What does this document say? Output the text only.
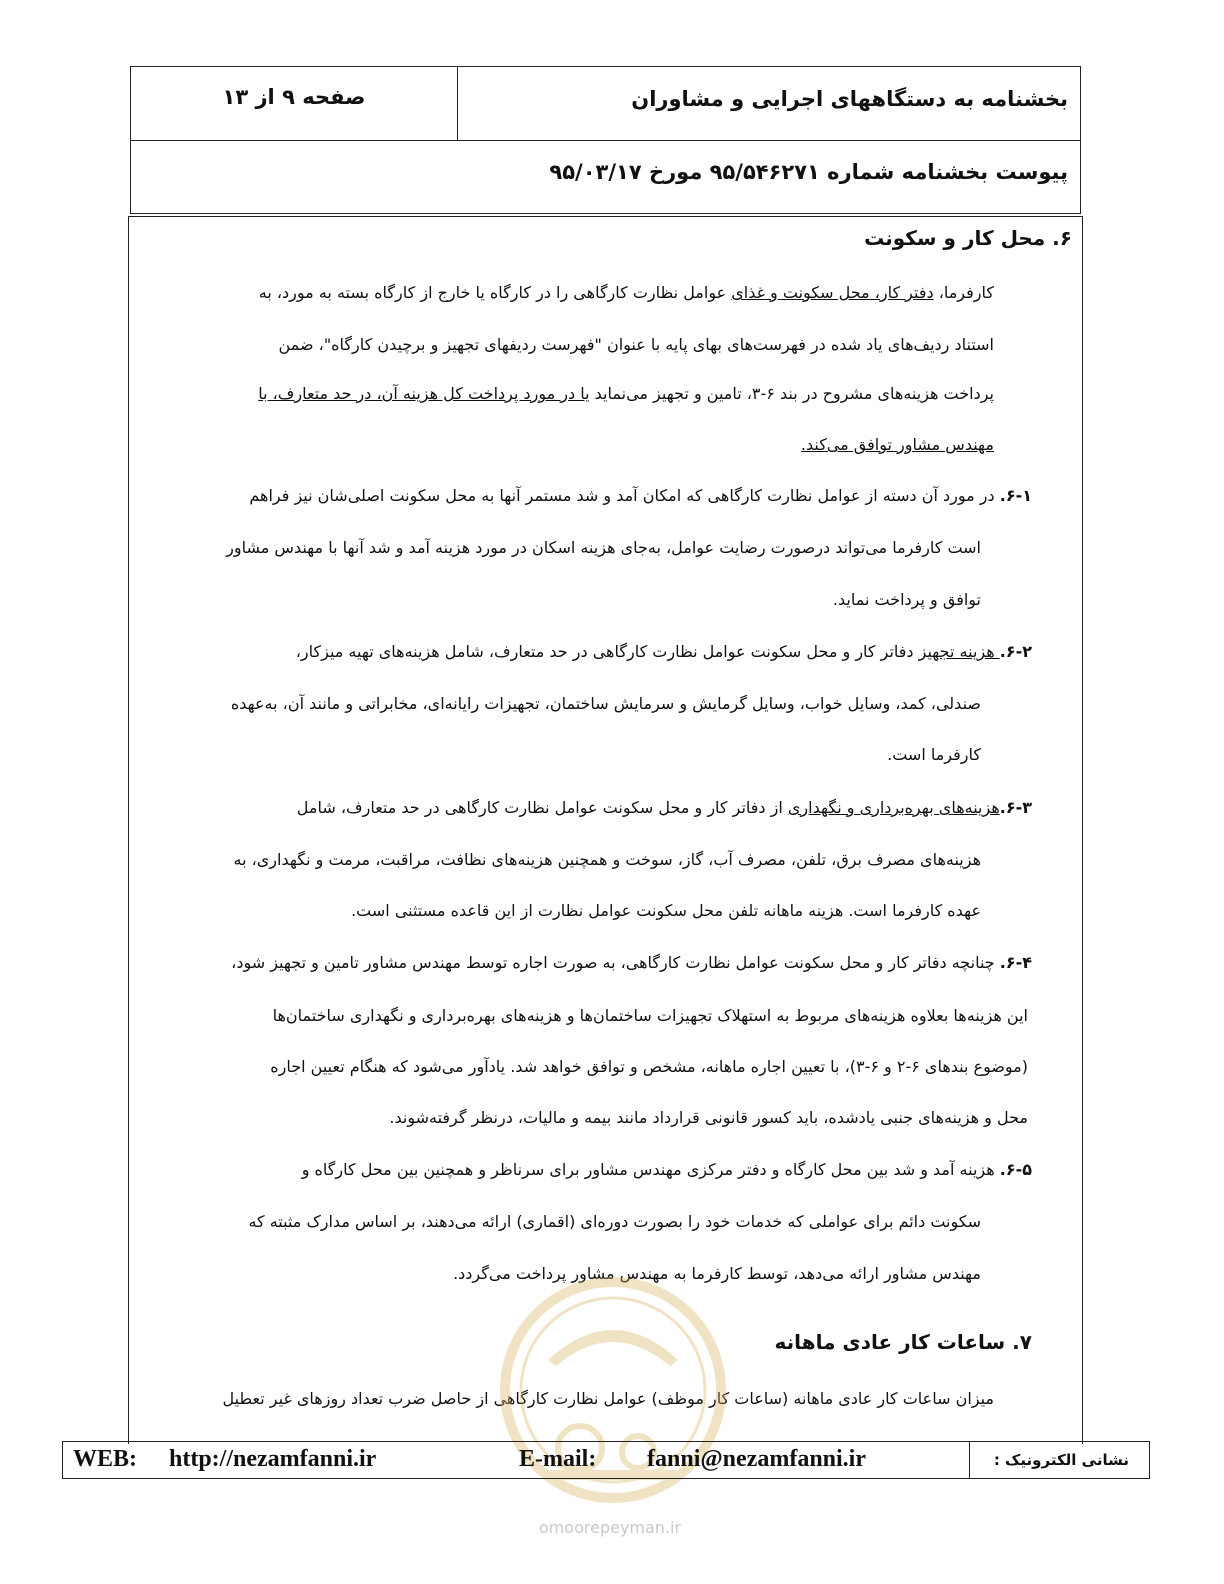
بخشنامه به دستگاههای اجرایی و مشاوران
صفحه ۹ از ۱۳
پیوست بخشنامه شماره ۹۵/۵۴۶۲۷۱ مورخ ۹۵/۰۳/۱۷
۶. محل کار و سکونت
کارفرما، دفتر کار، محل سکونت و غذای عوامل نظارت کارگاهی را در کارگاه یا خارج از کارگاه بسته به مورد، به
استناد ردیف‌های یاد شده در فهرست‌های بهای پایه با عنوان "فهرست ردیفهای تجهیز و برچیدن کارگاه"، ضمن
پرداخت هزینه‌های مشروح در بند ۶-۳، تامین و تجهیز می‌نماید یا در مورد پرداخت کل هزینه آن، در حد متعارف، با
مهندس مشاور توافق می‌کند.
۶-۱. در مورد آن دسته از عوامل نظارت کارگاهی که امکان آمد و شد مستمر آنها به محل سکونت اصلی‌شان نیز فراهم
است کارفرما می‌تواند درصورت رضایت عوامل، به‌جای هزینه اسکان در مورد هزینه آمد و شد آنها با مهندس مشاور
توافق و پرداخت نماید.
۶-۲. هزینه تجهیز دفاتر کار و محل سکونت عوامل نظارت کارگاهی در حد متعارف، شامل هزینه‌های تهیه میزکار،
صندلی، کمد، وسایل خواب، وسایل گرمایش و سرمایش ساختمان، تجهیزات رایانه‌ای، مخابراتی و مانند آن، به‌عهده
کارفرما است.
۶-۳.هزینه‌های بهره‌برداری و نگهداری از دفاتر کار و محل سکونت عوامل نظارت کارگاهی در حد متعارف، شامل
هزینه‌های مصرف برق، تلفن، مصرف آب، گاز، سوخت و همچنین هزینه‌های نظافت، مراقبت، مرمت و نگهداری، به
عهده کارفرما است. هزینه ماهانه تلفن محل سکونت عوامل نظارت از این قاعده مستثنی است.
۶-۴. چنانچه دفاتر کار و محل سکونت عوامل نظارت کارگاهی، به صورت اجاره توسط مهندس مشاور تامین و تجهیز شود،
این هزینه‌ها بعلاوه هزینه‌های مربوط به استهلاک تجهیزات ساختمان‌ها و هزینه‌های بهره‌برداری و نگهداری ساختمان‌ها
(موضوع بندهای ۶-۲ و ۶-۳)، با تعیین اجاره ماهانه، مشخص و توافق خواهد شد. یادآور می‌شود که هنگام تعیین اجاره
محل و هزینه‌های جنبی یادشده، باید کسور قانونی قرارداد مانند بیمه و مالیات، درنظر گرفته‌شوند.
۶-۵. هزینه آمد و شد بین محل کارگاه و دفتر مرکزی مهندس مشاور برای سرناظر و همچنین بین محل کارگاه و
سکونت دائم برای عواملی که خدمات خود را بصورت دوره‌ای (اقماری) ارائه می‌دهند، بر اساس مدارک مثبته که
مهندس مشاور ارائه می‌دهد، توسط کارفرما به مهندس مشاور پرداخت می‌گردد.
۷. ساعات کار عادی ماهانه
میزان ساعات کار عادی ماهانه (ساعات کار موظف) عوامل نظارت کارگاهی از حاصل ضرب تعداد روزهای غیر تعطیل
omoorepeyman.ir
WEB: http://nezamfanni.ir	E-mail: fanni@nezamfanni.ir	نشانی الکترونیک :
